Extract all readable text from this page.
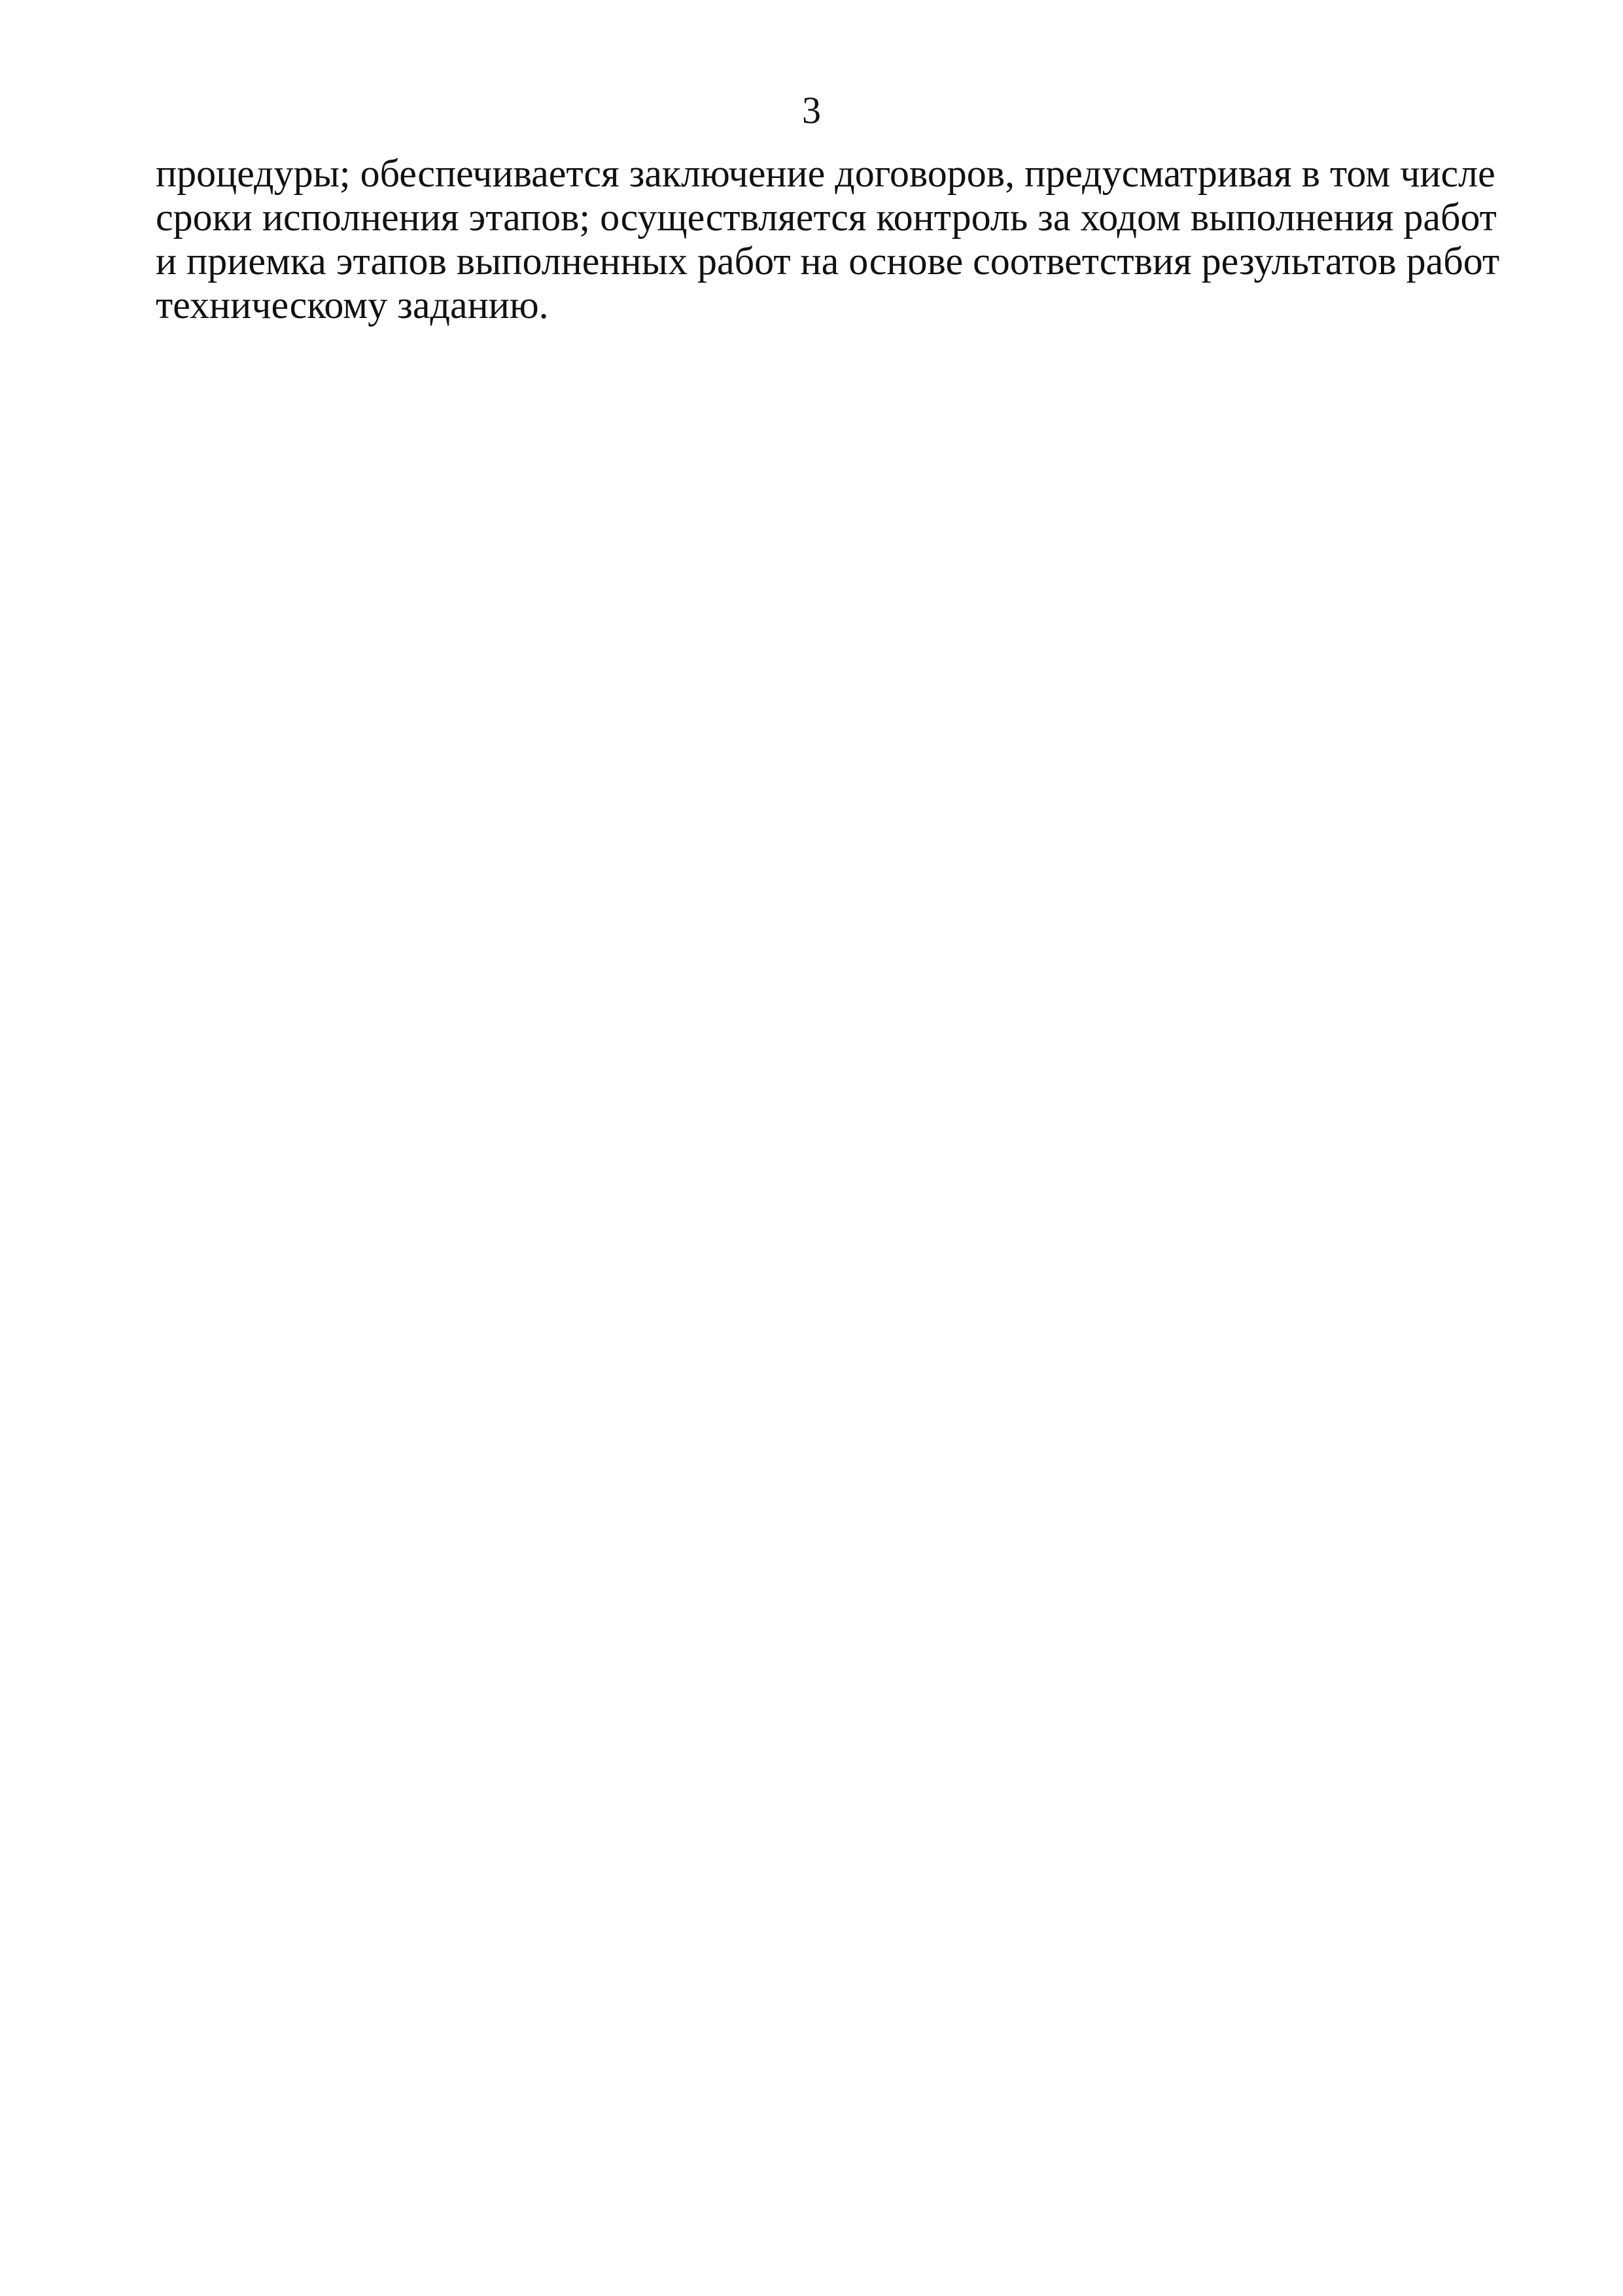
3
процедуры; обеспечивается заключение договоров, предусматривая в том числе
сроки исполнения этапов; осуществляется контроль за ходом выполнения работ
и приемка этапов выполненных работ на основе соответствия результатов работ
техническому заданию.
